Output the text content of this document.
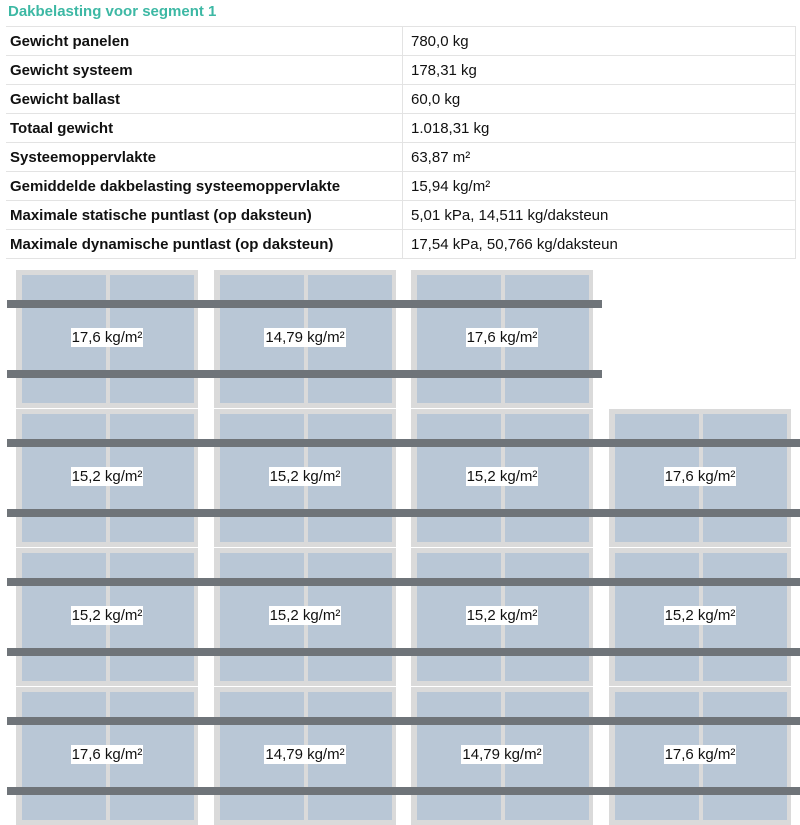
Dakbelasting voor segment 1
Gewicht panelen	780,0 kg
Gewicht systeem	178,31 kg
Gewicht ballast	60,0 kg
Totaal gewicht	1.018,31 kg
Systeemoppervlakte	63,87 m²
Gemiddelde dakbelasting systeemoppervlakte	15,94 kg/m²
Maximale statische puntlast (op daksteun)	5,01 kPa, 14,511 kg/daksteun
Maximale dynamische puntlast (op daksteun)	17,54 kPa, 50,766 kg/daksteun
17,6 kg/m²	14,79 kg/m²	17,6 kg/m²
15,2 kg/m²	15,2 kg/m²	15,2 kg/m²	17,6 kg/m²
15,2 kg/m²	15,2 kg/m²	15,2 kg/m²	15,2 kg/m²
17,6 kg/m²	14,79 kg/m²	14,79 kg/m²	17,6 kg/m²
